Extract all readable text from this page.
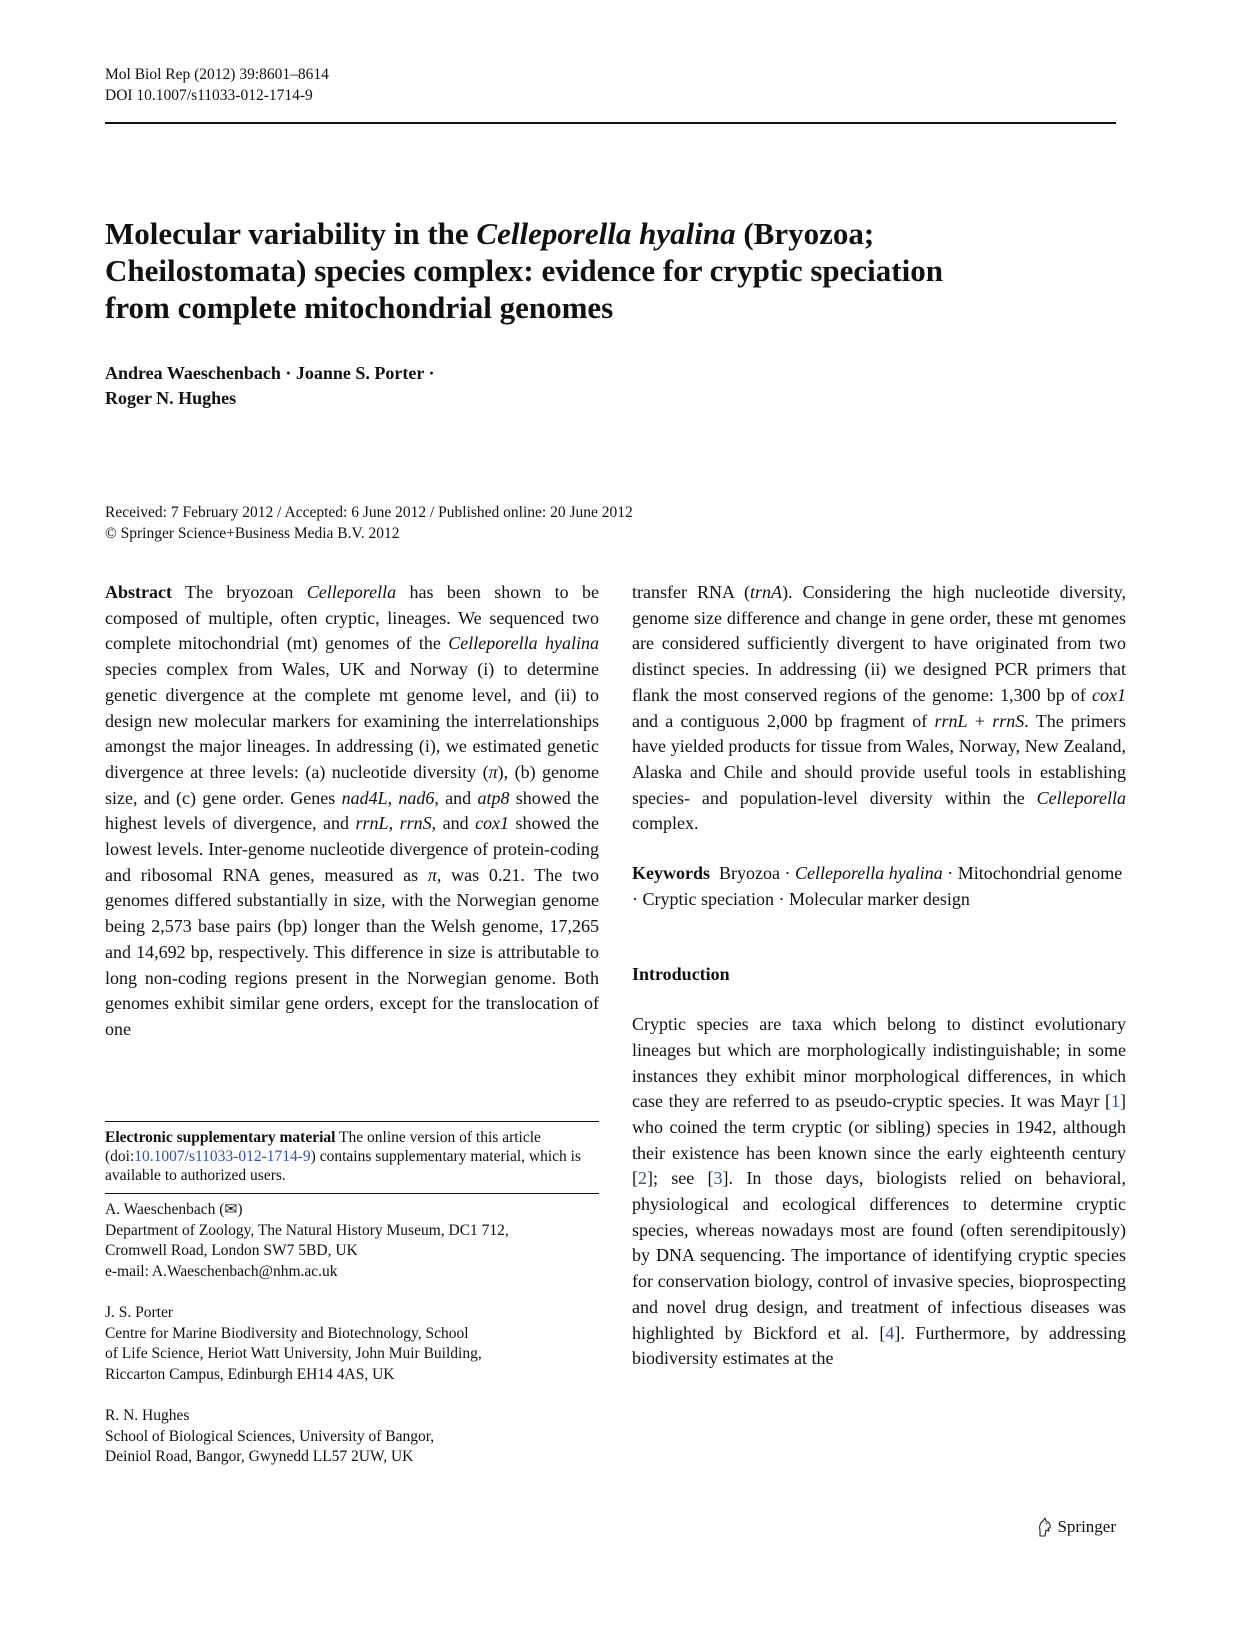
Mol Biol Rep (2012) 39:8601–8614
DOI 10.1007/s11033-012-1714-9
Molecular variability in the Celleporella hyalina (Bryozoa;
Cheilostomata) species complex: evidence for cryptic speciation
from complete mitochondrial genomes
Andrea Waeschenbach · Joanne S. Porter ·
Roger N. Hughes
Received: 7 February 2012 / Accepted: 6 June 2012 / Published online: 20 June 2012
© Springer Science+Business Media B.V. 2012

Abstract The bryozoan Celleporella has been shown to be composed of multiple, often cryptic, lineages. We sequenced two complete mitochondrial (mt) genomes of the Celleporella hyalina species complex from Wales, UK and Norway (i) to determine genetic divergence at the complete mt genome level, and (ii) to design new molecular markers for examining the interrelationships amongst the major lineages. In addressing (i), we estimated genetic divergence at three levels: (a) nucleotide diversity (π), (b) genome size, and (c) gene order. Genes nad4L, nad6, and atp8 showed the highest levels of divergence, and rrnL, rrnS, and cox1 showed the lowest levels. Inter-genome nucleotide divergence of protein-coding and ribosomal RNA genes, measured as π, was 0.21. The two genomes differed substantially in size, with the Norwegian genome being 2,573 base pairs (bp) longer than the Welsh genome, 17,265 and 14,692 bp, respectively. This difference in size is attributable to long non-coding regions present in the Norwegian genome. Both genomes exhibit similar gene orders, except for the translocation of one

Electronic supplementary material The online version of this article (doi:10.1007/s11033-012-1714-9) contains supplementary material, which is available to authorized users.
A. Waeschenbach (✉)
Department of Zoology, The Natural History Museum, DC1 712,
Cromwell Road, London SW7 5BD, UK
e-mail: A.Waeschenbach@nhm.ac.uk
J. S. Porter
Centre for Marine Biodiversity and Biotechnology, School
of Life Science, Heriot Watt University, John Muir Building,
Riccarton Campus, Edinburgh EH14 4AS, UK
R. N. Hughes
School of Biological Sciences, University of Bangor,
Deiniol Road, Bangor, Gwynedd LL57 2UW, UK

transfer RNA (trnA). Considering the high nucleotide diversity, genome size difference and change in gene order, these mt genomes are considered sufficiently divergent to have originated from two distinct species. In addressing (ii) we designed PCR primers that flank the most conserved regions of the genome: 1,300 bp of cox1 and a contiguous 2,000 bp fragment of rrnL + rrnS. The primers have yielded products for tissue from Wales, Norway, New Zealand, Alaska and Chile and should provide useful tools in establishing species- and population-level diversity within the Celleporella complex.

Keywords Bryozoa · Celleporella hyalina · Mitochondrial genome · Cryptic speciation · Molecular marker design

Introduction

Cryptic species are taxa which belong to distinct evolutionary lineages but which are morphologically indistinguishable; in some instances they exhibit minor morphological differences, in which case they are referred to as pseudo-cryptic species. It was Mayr [1] who coined the term cryptic (or sibling) species in 1942, although their existence has been known since the early eighteenth century [2]; see [3]. In those days, biologists relied on behavioral, physiological and ecological differences to determine cryptic species, whereas nowadays most are found (often serendipitously) by DNA sequencing. The importance of identifying cryptic species for conservation biology, control of invasive species, bioprospecting and novel drug design, and treatment of infectious diseases was highlighted by Bickford et al. [4]. Furthermore, by addressing biodiversity estimates at the

Springer
